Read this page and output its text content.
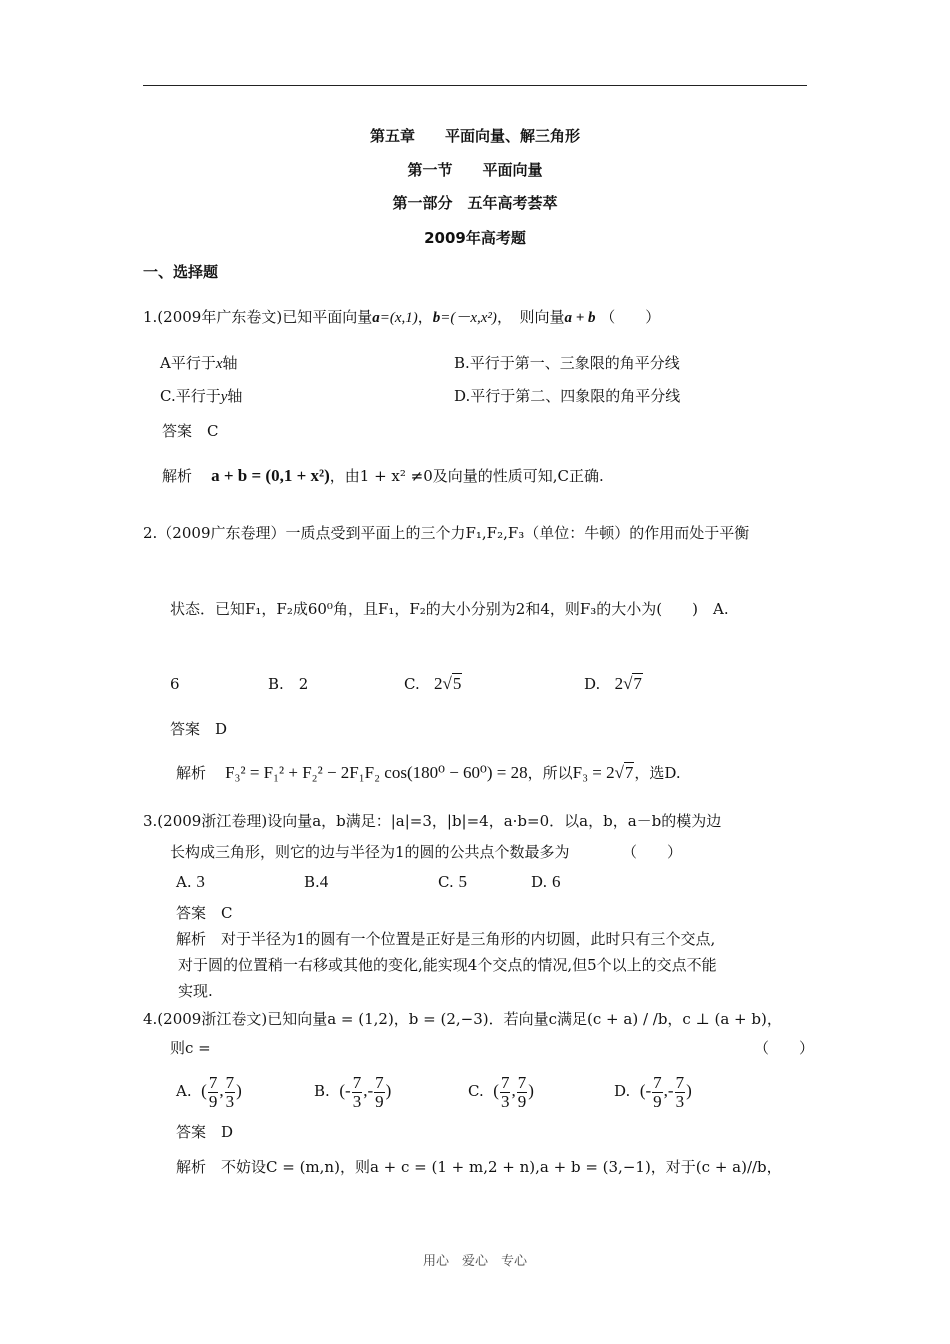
第五章　　平面向量、解三角形
第一节　　平面向量
第一部分　五年高考荟萃
2009年高考题
一、选择题
1.(2009年广东卷文)已知平面向量a=(x,1)，b=(－x,x²)，　则向量a + b （　　）
A平行于x轴	B.平行于第一、三象限的角平分线
C.平行于y轴	D.平行于第二、四象限的角平分线
答案　C
解析 a + b = (0,1 + x²)，由1 + x² ≠0及向量的性质可知,C正确.
2.（2009广东卷理）一质点受到平面上的三个力F₁,F₂,F₃（单位：牛顿）的作用而处于平衡
状态．已知F₁，F₂成60⁰角，且F₁，F₂的大小分别为2和4，则F₃的大小为(　　)　A.
6	B.　2	C. 2√5	D. 2√7
答案　D
解析 F₃² = F₁² + F₂² − 2F₁F₂ cos(180⁰ − 60⁰) = 28，所以F₃ = 2√7，选D.
3.(2009浙江卷理)设向量a，b满足：|a|=3，|b|=4，a·b=0．以a，b，a－b的模为边
长构成三角形，则它的边与半径为1的圆的公共点个数最多为　　　　（　　）
A. 3	B.4	C. 5	D. 6
答案　C
解析　对于半径为1的圆有一个位置是正好是三角形的内切圆，此时只有三个交点,
对于圆的位置稍一右移或其他的变化,能实现4个交点的情况,但5个以上的交点不能
实现.
4.(2009浙江卷文)已知向量a = (1,2)，b = (2,−3)．若向量c满足(c + a) / /b，c ⊥ (a + b)，
则c =	（　　）
A. ( $\frac{7}{9}$ , $\frac{7}{3}$ )	B. (- $\frac{7}{3}$ ,- $\frac{7}{9}$ )	C. ( $\frac{7}{3}$ , $\frac{7}{9}$ )	D. (- $\frac{7}{9}$ ,- $\frac{7}{3}$ )
答案　D
解析　不妨设C = (m,n)，则a + c = (1 + m,2 + n),a + b = (3,−1)，对于(c + a)//b，
用心　爱心　专心
